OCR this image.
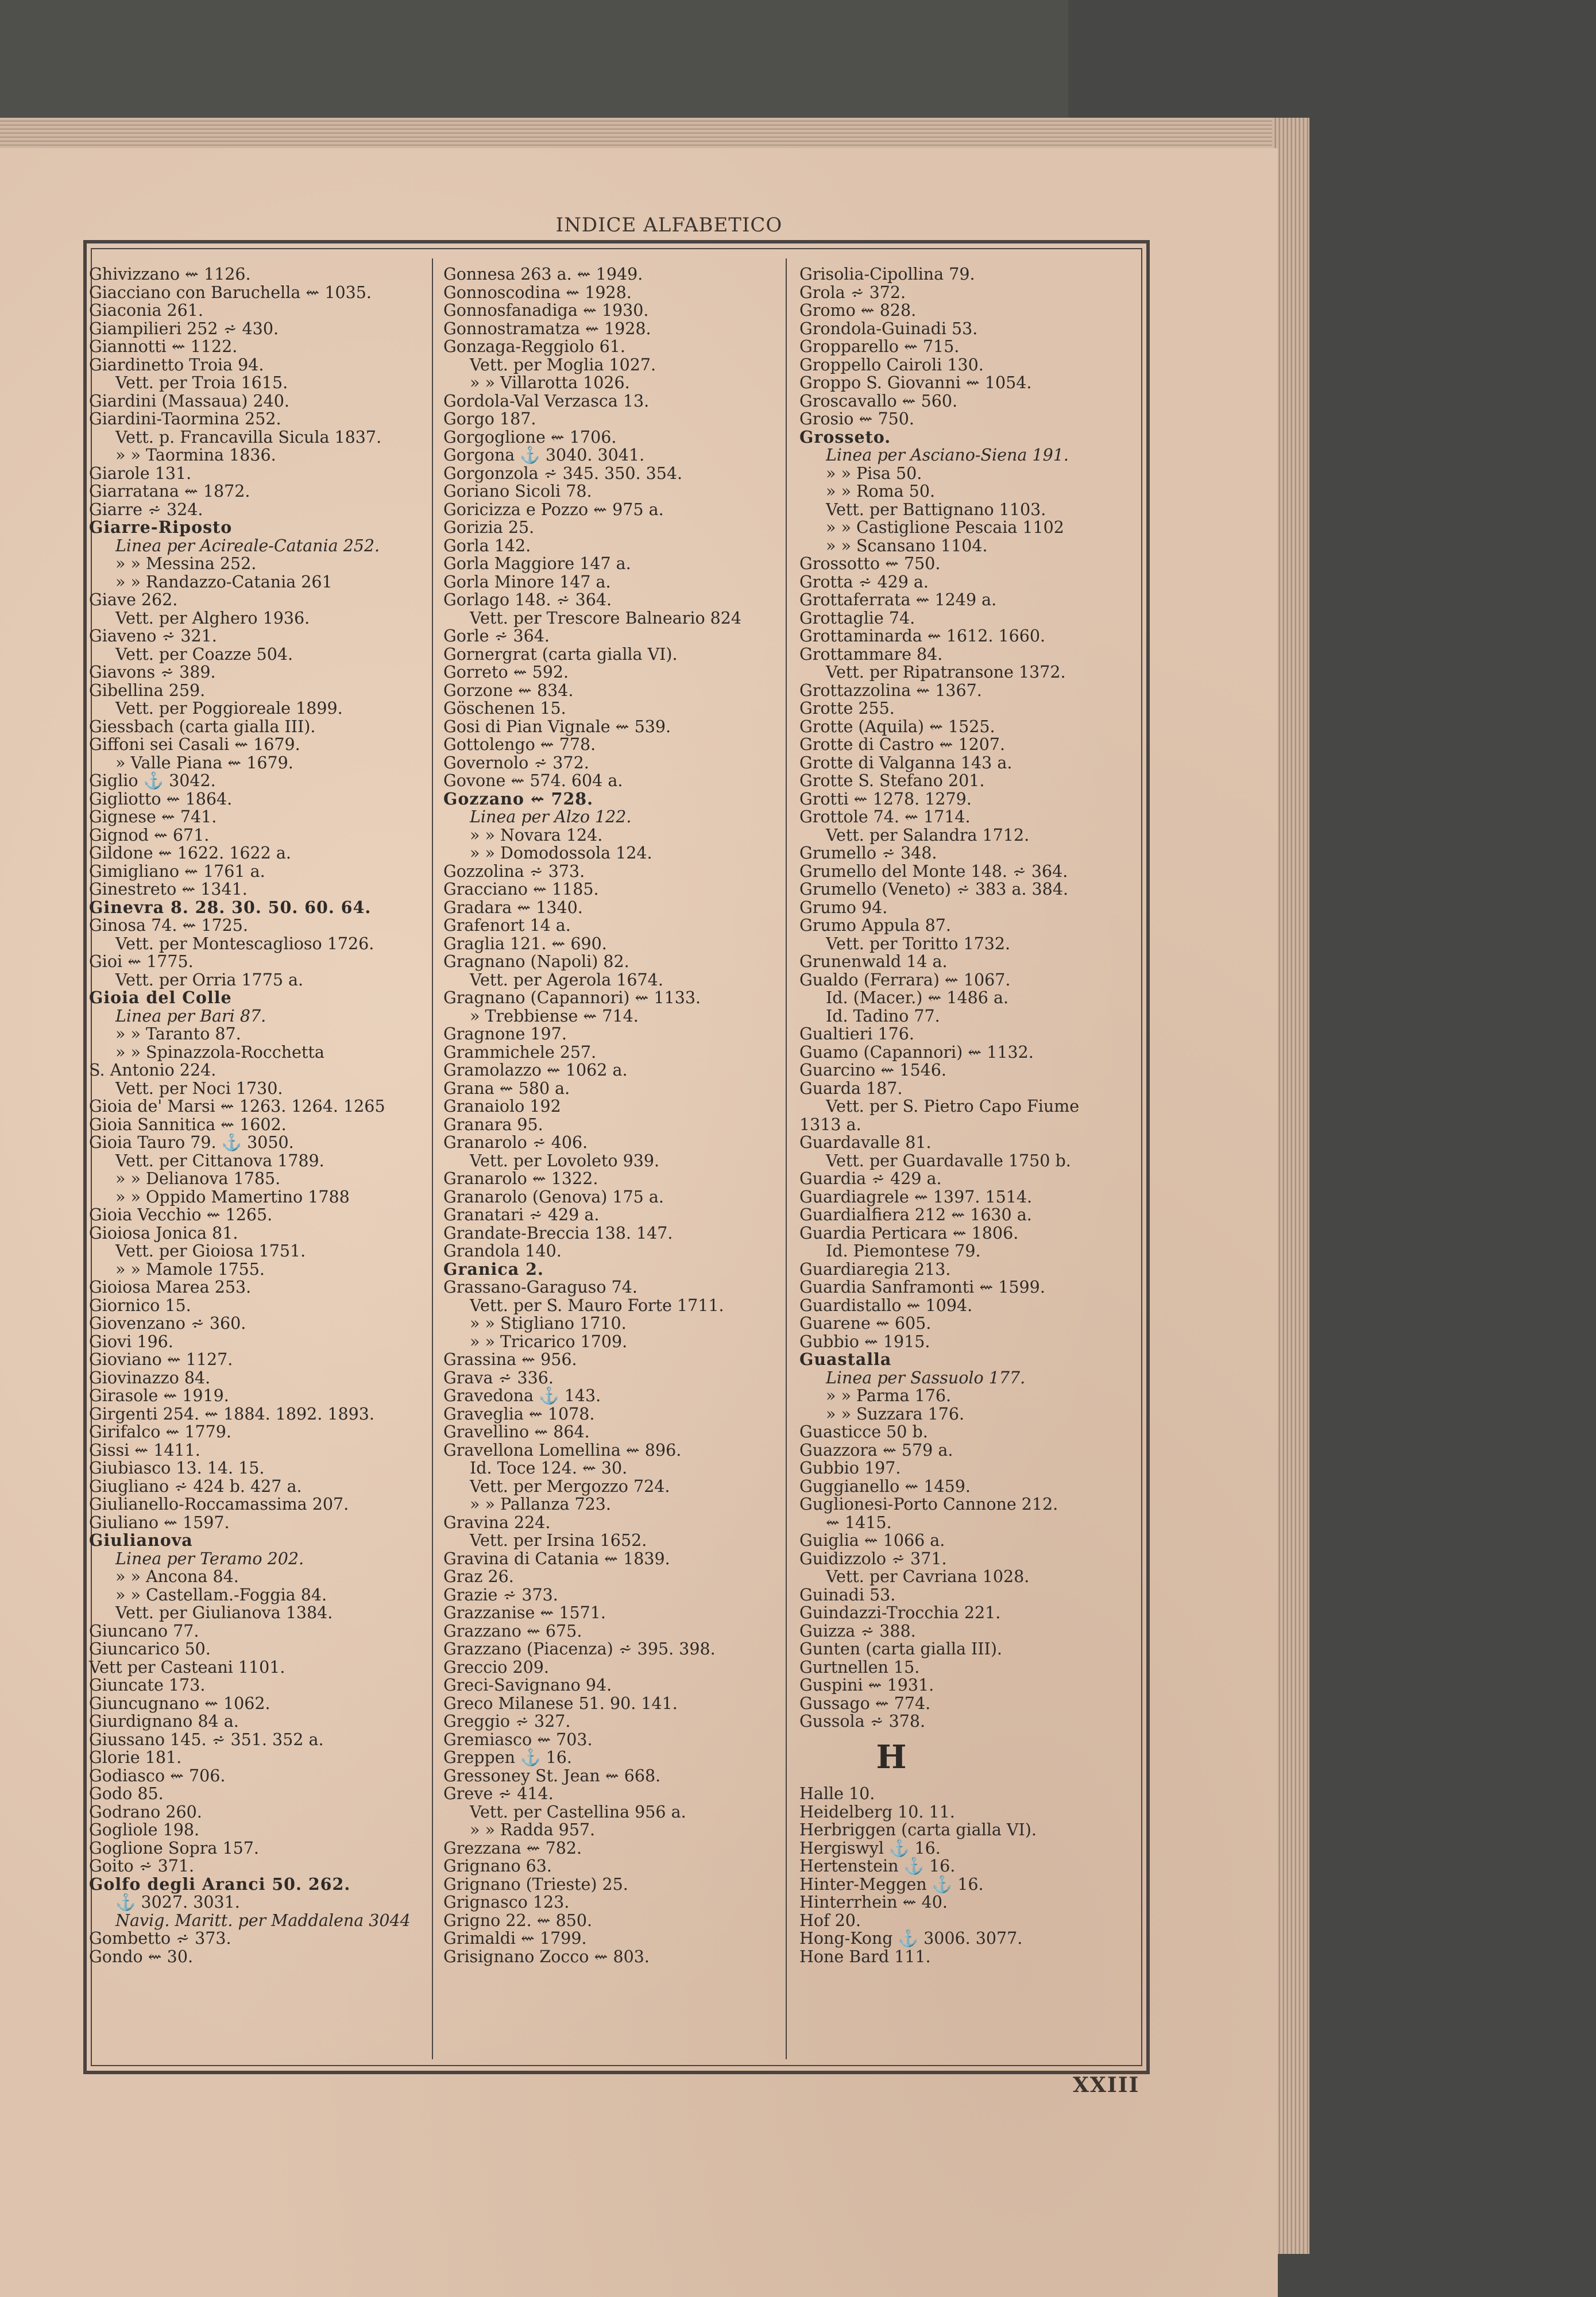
INDICE ALFABETICO
Ghivizzano ⇜ 1126.
Giacciano con Baruchella ⇜ 1035.
Giaconia 261.
Giampilieri 252 ⩫ 430.
Giannotti ⇜ 1122.
Giardinetto Troia 94.
Vett. per Troia 1615.
Giardini (Massaua) 240.
Giardini-Taormina 252.
Vett. p. Francavilla Sicula 1837.
» » Taormina 1836.
Giarole 131.
Giarratana ⇜ 1872.
Giarre ⩫ 324.
Giarre-Riposto
Linea per Acireale-Catania 252.
» » Messina 252.
» » Randazzo-Catania 261
Giave 262.
Vett. per Alghero 1936.
Giaveno ⩫ 321.
Vett. per Coazze 504.
Giavons ⩫ 389.
Gibellina 259.
Vett. per Poggioreale 1899.
Giessbach (carta gialla III).
Giffoni sei Casali ⇜ 1679.
» Valle Piana ⇜ 1679.
Giglio ⚓ 3042.
Gigliotto ⇜ 1864.
Gignese ⇜ 741.
Gignod ⇜ 671.
Gildone ⇜ 1622. 1622 a.
Gimigliano ⇜ 1761 a.
Ginestreto ⇜ 1341.
Ginevra 8. 28. 30. 50. 60. 64.
Ginosa 74. ⇜ 1725.
Vett. per Montescaglioso 1726.
Gioi ⇜ 1775.
Vett. per Orria 1775 a.
Gioia del Colle
Linea per Bari 87.
» » Taranto 87.
» » Spinazzola-Rocchetta
S. Antonio 224.
Vett. per Noci 1730.
Gioia de' Marsi ⇜ 1263. 1264. 1265
Gioia Sannitica ⇜ 1602.
Gioia Tauro 79. ⚓ 3050.
Vett. per Cittanova 1789.
» » Delianova 1785.
» » Oppido Mamertino 1788
Gioia Vecchio ⇜ 1265.
Gioiosa Jonica 81.
Vett. per Gioiosa 1751.
» » Mamole 1755.
Gioiosa Marea 253.
Giornico 15.
Giovenzano ⩫ 360.
Giovi 196.
Gioviano ⇜ 1127.
Giovinazzo 84.
Girasole ⇜ 1919.
Girgenti 254. ⇜ 1884. 1892. 1893.
Girifalco ⇜ 1779.
Gissi ⇜ 1411.
Giubiasco 13. 14. 15.
Giugliano ⩫ 424 b. 427 a.
Giulianello-Roccamassima 207.
Giuliano ⇜ 1597.
Giulianova
Linea per Teramo 202.
» » Ancona 84.
» » Castellam.-Foggia 84.
Vett. per Giulianova 1384.
Giuncano 77.
Giuncarico 50.
Vett per Casteani 1101.
Giuncate 173.
Giuncugnano ⇜ 1062.
Giurdignano 84 a.
Giussano 145. ⩫ 351. 352 a.
Glorie 181.
Godiasco ⇜ 706.
Godo 85.
Godrano 260.
Gogliole 198.
Goglione Sopra 157.
Goito ⩫ 371.
Golfo degli Aranci 50. 262.
⚓ 3027. 3031.
Navig. Maritt. per Maddalena 3044
Gombetto ⩫ 373.
Gondo ⇜ 30.
Gonnesa 263 a. ⇜ 1949.
Gonnoscodina ⇜ 1928.
Gonnosfanadiga ⇜ 1930.
Gonnostramatza ⇜ 1928.
Gonzaga-Reggiolo 61.
Vett. per Moglia 1027.
» » Villarotta 1026.
Gordola-Val Verzasca 13.
Gorgo 187.
Gorgoglione ⇜ 1706.
Gorgona ⚓ 3040. 3041.
Gorgonzola ⩫ 345. 350. 354.
Goriano Sicoli 78.
Goricizza e Pozzo ⇜ 975 a.
Gorizia 25.
Gorla 142.
Gorla Maggiore 147 a.
Gorla Minore 147 a.
Gorlago 148. ⩫ 364.
Vett. per Trescore Balneario 824
Gorle ⩫ 364.
Gornergrat (carta gialla VI).
Gorreto ⇜ 592.
Gorzone ⇜ 834.
Göschenen 15.
Gosi di Pian Vignale ⇜ 539.
Gottolengo ⇜ 778.
Governolo ⩫ 372.
Govone ⇜ 574. 604 a.
Gozzano ⇜ 728.
Linea per Alzo 122.
» » Novara 124.
» » Domodossola 124.
Gozzolina ⩫ 373.
Gracciano ⇜ 1185.
Gradara ⇜ 1340.
Grafenort 14 a.
Graglia 121. ⇜ 690.
Gragnano (Napoli) 82.
Vett. per Agerola 1674.
Gragnano (Capannori) ⇜ 1133.
» Trebbiense ⇜ 714.
Gragnone 197.
Grammichele 257.
Gramolazzo ⇜ 1062 a.
Grana ⇜ 580 a.
Granaiolo 192
Granara 95.
Granarolo ⩫ 406.
Vett. per Lovoleto 939.
Granarolo ⇜ 1322.
Granarolo (Genova) 175 a.
Granatari ⩫ 429 a.
Grandate-Breccia 138. 147.
Grandola 140.
Granica 2.
Grassano-Garaguso 74.
Vett. per S. Mauro Forte 1711.
» » Stigliano 1710.
» » Tricarico 1709.
Grassina ⇜ 956.
Grava ⩫ 336.
Gravedona ⚓ 143.
Graveglia ⇜ 1078.
Gravellino ⇜ 864.
Gravellona Lomellina ⇜ 896.
Id. Toce 124. ⇜ 30.
Vett. per Mergozzo 724.
» » Pallanza 723.
Gravina 224.
Vett. per Irsina 1652.
Gravina di Catania ⇜ 1839.
Graz 26.
Grazie ⩫ 373.
Grazzanise ⇜ 1571.
Grazzano ⇜ 675.
Grazzano (Piacenza) ⩫ 395. 398.
Greccio 209.
Greci-Savignano 94.
Greco Milanese 51. 90. 141.
Greggio ⩫ 327.
Gremiasco ⇜ 703.
Greppen ⚓ 16.
Gressoney St. Jean ⇜ 668.
Greve ⩫ 414.
Vett. per Castellina 956 a.
» » Radda 957.
Grezzana ⇜ 782.
Grignano 63.
Grignano (Trieste) 25.
Grignasco 123.
Grigno 22. ⇜ 850.
Grimaldi ⇜ 1799.
Grisignano Zocco ⇜ 803.
Grisolia-Cipollina 79.
Grola ⩫ 372.
Gromo ⇜ 828.
Grondola-Guinadi 53.
Gropparello ⇜ 715.
Groppello Cairoli 130.
Groppo S. Giovanni ⇜ 1054.
Groscavallo ⇜ 560.
Grosio ⇜ 750.
Grosseto.
Linea per Asciano-Siena 191.
» » Pisa 50.
» » Roma 50.
Vett. per Battignano 1103.
» » Castiglione Pescaia 1102
» » Scansano 1104.
Grossotto ⇜ 750.
Grotta ⩫ 429 a.
Grottaferrata ⇜ 1249 a.
Grottaglie 74.
Grottaminarda ⇜ 1612. 1660.
Grottammare 84.
Vett. per Ripatransone 1372.
Grottazzolina ⇜ 1367.
Grotte 255.
Grotte (Aquila) ⇜ 1525.
Grotte di Castro ⇜ 1207.
Grotte di Valganna 143 a.
Grotte S. Stefano 201.
Grotti ⇜ 1278. 1279.
Grottole 74. ⇜ 1714.
Vett. per Salandra 1712.
Grumello ⩫ 348.
Grumello del Monte 148. ⩫ 364.
Grumello (Veneto) ⩫ 383 a. 384.
Grumo 94.
Grumo Appula 87.
Vett. per Toritto 1732.
Grunenwald 14 a.
Gualdo (Ferrara) ⇜ 1067.
Id. (Macer.) ⇜ 1486 a.
Id. Tadino 77.
Gualtieri 176.
Guamo (Capannori) ⇜ 1132.
Guarcino ⇜ 1546.
Guarda 187.
Vett. per S. Pietro Capo Fiume
1313 a.
Guardavalle 81.
Vett. per Guardavalle 1750 b.
Guardia ⩫ 429 a.
Guardiagrele ⇜ 1397. 1514.
Guardialfiera 212 ⇜ 1630 a.
Guardia Perticara ⇜ 1806.
Id. Piemontese 79.
Guardiaregia 213.
Guardia Sanframonti ⇜ 1599.
Guardistallo ⇜ 1094.
Guarene ⇜ 605.
Gubbio ⇜ 1915.
Guastalla
Linea per Sassuolo 177.
» » Parma 176.
» » Suzzara 176.
Guasticce 50 b.
Guazzora ⇜ 579 a.
Gubbio 197.
Guggianello ⇜ 1459.
Guglionesi-Porto Cannone 212.
⇜ 1415.
Guiglia ⇜ 1066 a.
Guidizzolo ⩫ 371.
Vett. per Cavriana 1028.
Guinadi 53.
Guindazzi-Trocchia 221.
Guizza ⩫ 388.
Gunten (carta gialla III).
Gurtnellen 15.
Guspini ⇜ 1931.
Gussago ⇜ 774.
Gussola ⩫ 378.
H
Halle 10.
Heidelberg 10. 11.
Herbriggen (carta gialla VI).
Hergiswyl ⚓ 16.
Hertenstein ⚓ 16.
Hinter-Meggen ⚓ 16.
Hinterrhein ⇜ 40.
Hof 20.
Hong-Kong ⚓ 3006. 3077.
Hone Bard 111.
XXIII
